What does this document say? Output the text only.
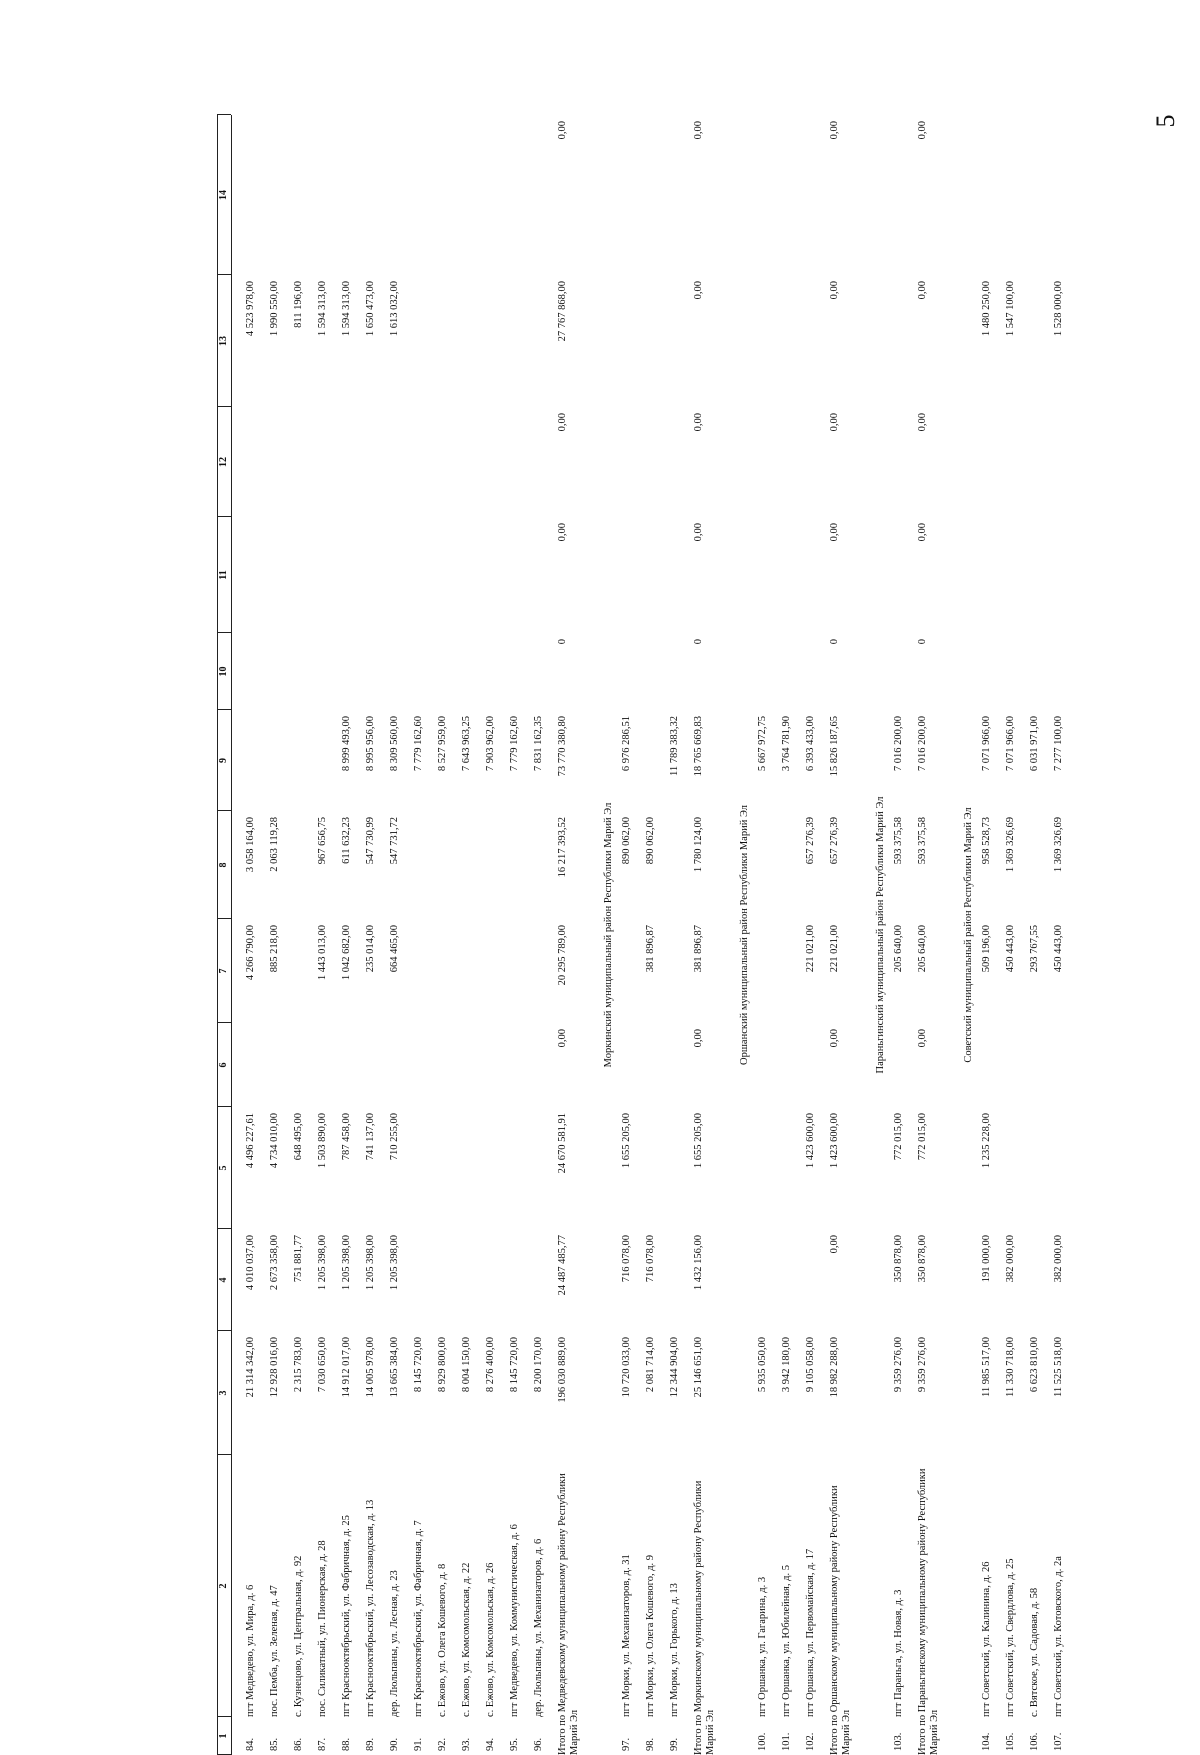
5
1
2
3
4
5
6
7
8
9
10
11
12
13
14
84.
пгт Медведево, ул. Мира, д. 6
21 314 342,00
4 010 037,00
4 496 227,61
4 266 790,00
3 058 164,00
4 523 978,00
85.
пос. Пемба, ул. Зеленая, д. 47
12 928 016,00
2 673 358,00
4 734 010,00
885 218,00
2 063 119,28
1 990 550,00
86.
с. Кузнецово, ул. Центральная, д. 92
2 315 783,00
751 881,77
648 495,00
811 196,00
87.
пос. Силикатный, ул. Пионерская, д. 28
7 030 650,00
1 205 398,00
1 503 890,00
1 443 013,00
967 656,75
1 594 313,00
88.
пгт Краснооктябрьский, ул. Фабричная, д. 25
14 912 017,00
1 205 398,00
787 458,00
1 042 682,00
611 632,23
8 999 493,00
1 594 313,00
89.
пгт Краснооктябрьский, ул. Лесозаводская, д. 13
14 005 978,00
1 205 398,00
741 137,00
235 014,00
547 730,99
8 995 956,00
1 650 473,00
90.
дер. Люльпаны, ул. Лесная, д. 23
13 665 384,00
1 205 398,00
710 255,00
664 465,00
547 731,72
8 309 560,00
1 613 032,00
91.
пгт Краснооктябрьский, ул. Фабричная, д. 7
8 145 720,00
7 779 162,60
92.
с. Ежово, ул. Олега Кошевого, д. 8
8 929 800,00
8 527 959,00
93.
с. Ежово, ул. Комсомольская, д. 22
8 004 150,00
7 643 963,25
94.
с. Ежово, ул. Комсомольская, д. 26
8 276 400,00
7 903 962,00
95.
пгт Медведево, ул. Коммунистическая, д. 6
8 145 720,00
7 779 162,60
96.
дер. Люльпаны, ул. Механизаторов, д. 6
8 200 170,00
7 831 162,35
Итого по Медведевскому муниципальному району Республики Марий Эл
196 030 889,00
24 487 485,77
24 670 581,91
0,00
20 295 789,00
16 217 393,52
73 770 380,80
0
0,00
0,00
27 767 868,00
0,00
Моркинский муниципальный район Республики Марий Эл
97.
пгт Морки, ул. Механизаторов, д. 31
10 720 033,00
716 078,00
1 655 205,00
890 062,00
6 976 286,51
98.
пгт Морки, ул. Олега Кошевого, д. 9
2 081 714,00
716 078,00
381 896,87
890 062,00
99.
пгт Морки, ул. Горького, д. 13
12 344 904,00
11 789 383,32
Итого по Моркинскому муниципальному району Республики Марий Эл
25 146 651,00
1 432 156,00
1 655 205,00
0,00
381 896,87
1 780 124,00
18 765 669,83
0
0,00
0,00
0,00
0,00
Оршанский муниципальный район Республики Марий Эл
100.
пгт Оршанка, ул. Гагарина, д. 3
5 935 050,00
5 667 972,75
101.
пгт Оршанка, ул. Юбилейная, д. 5
3 942 180,00
3 764 781,90
102.
пгт Оршанка, ул. Первомайская, д. 17
9 105 058,00
1 423 600,00
221 021,00
657 276,39
6 393 433,00
Итого по Оршанскому муниципальному району Республики Марий Эл
18 982 288,00
0,00
1 423 600,00
0,00
221 021,00
657 276,39
15 826 187,65
0
0,00
0,00
0,00
0,00
Параньгинский муниципальный район Республики Марий Эл
103.
пгт Параньга, ул. Новая, д. 3
9 359 276,00
350 878,00
772 015,00
205 640,00
593 375,58
7 016 200,00
Итого по Параньгинскому муниципальному району Республики Марий Эл
9 359 276,00
350 878,00
772 015,00
0,00
205 640,00
593 375,58
7 016 200,00
0
0,00
0,00
0,00
0,00
Советский муниципальный район Республики Марий Эл
104.
пгт Советский, ул. Калинина, д. 26
11 985 517,00
191 000,00
1 235 228,00
509 196,00
958 528,73
7 071 966,00
1 480 250,00
105.
пгт Советский, ул. Свердлова, д. 25
11 330 718,00
382 000,00
450 443,00
1 369 326,69
7 071 966,00
1 547 100,00
106.
с. Вятское, ул. Садовая, д. 58
6 623 810,00
293 767,55
6 031 971,00
107.
пгт Советский, ул. Котовского, д. 2а
11 525 518,00
382 000,00
450 443,00
1 369 326,69
7 277 100,00
1 528 000,00
